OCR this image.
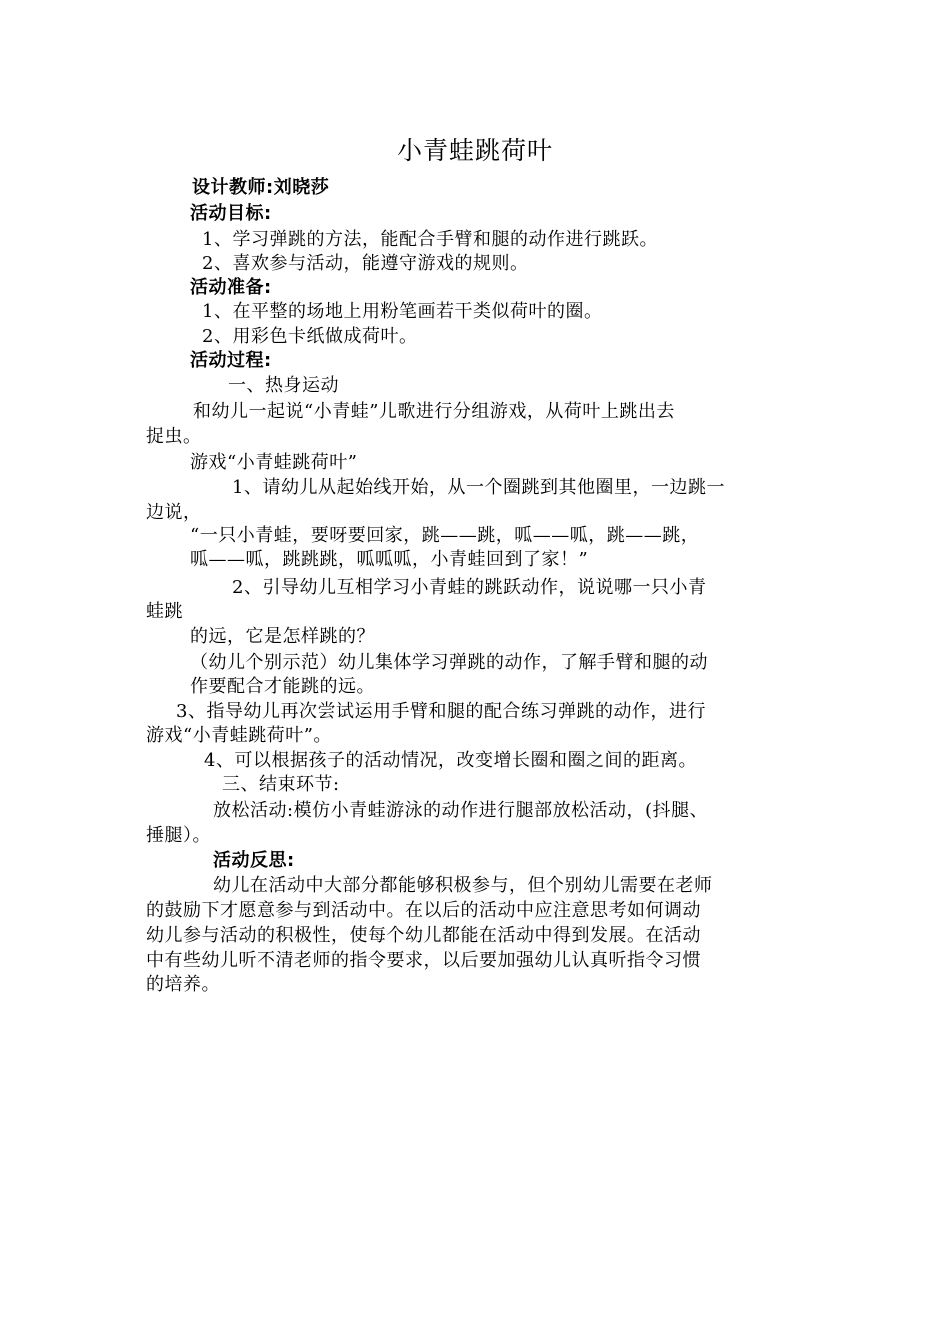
小青蛙跳荷叶
设计教师:刘晓莎
活动目标:
1、学习弹跳的方法，能配合手臂和腿的动作进行跳跃。
2、喜欢参与活动，能遵守游戏的规则。
活动准备:
1、在平整的场地上用粉笔画若干类似荷叶的圈。
2、用彩色卡纸做成荷叶。
活动过程:
一、热身运动
和幼儿一起说“小青蛙”儿歌进行分组游戏，从荷叶上跳出去
捉虫。
游戏“小青蛙跳荷叶”
1、请幼儿从起始线开始，从一个圈跳到其他圈里，一边跳一
边说，
“一只小青蛙，要呀要回家，跳——跳，呱——呱，跳——跳，
呱——呱，跳跳跳，呱呱呱，小青蛙回到了家！”
2、引导幼儿互相学习小青蛙的跳跃动作，说说哪一只小青
蛙跳
的远，它是怎样跳的？
（幼儿个别示范）幼儿集体学习弹跳的动作，了解手臂和腿的动
作要配合才能跳的远。
3、指导幼儿再次尝试运用手臂和腿的配合练习弹跳的动作，进行
游戏“小青蛙跳荷叶”。
4、可以根据孩子的活动情况，改变增长圈和圈之间的距离。
三、结束环节:
放松活动:模仿小青蛙游泳的动作进行腿部放松活动，(抖腿、
捶腿）。
活动反思:
幼儿在活动中大部分都能够积极参与，但个别幼儿需要在老师
的鼓励下才愿意参与到活动中。在以后的活动中应注意思考如何调动
幼儿参与活动的积极性，使每个幼儿都能在活动中得到发展。在活动
中有些幼儿听不清老师的指令要求，以后要加强幼儿认真听指令习惯
的培养。
